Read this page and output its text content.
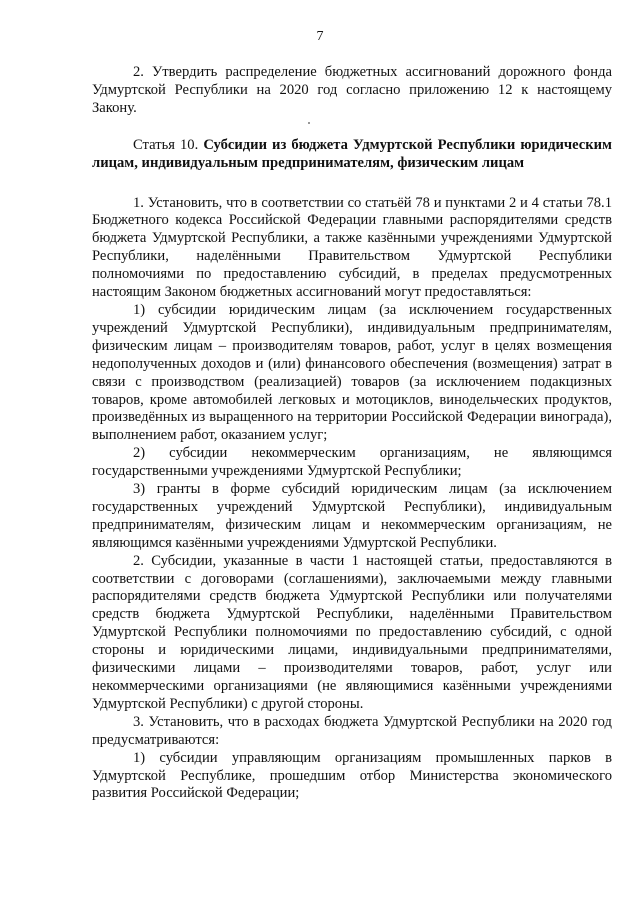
7

2. Утвердить распределение бюджетных ассигнований дорожного фонда Удмуртской Республики на 2020 год согласно приложению 12 к настоящему Закону.

Статья 10. Субсидии из бюджета Удмуртской Республики юридическим лицам, индивидуальным предпринимателям, физическим лицам

1. Установить, что в соответствии со статьёй 78 и пунктами 2 и 4 статьи 78.1 Бюджетного кодекса Российской Федерации главными распорядителями средств бюджета Удмуртской Республики, а также казёнными учреждениями Удмуртской Республики, наделёнными Правительством Удмуртской Республики полномочиями по предоставлению субсидий, в пределах предусмотренных настоящим Законом бюджетных ассигнований могут предоставляться:

1) субсидии юридическим лицам (за исключением государственных учреждений Удмуртской Республики), индивидуальным предпринимателям, физическим лицам – производителям товаров, работ, услуг в целях возмещения недополученных доходов и (или) финансового обеспечения (возмещения) затрат в связи с производством (реализацией) товаров (за исключением подакцизных товаров, кроме автомобилей легковых и мотоциклов, винодельческих продуктов, произведённых из выращенного на территории Российской Федерации винограда), выполнением работ, оказанием услуг;

2) субсидии некоммерческим организациям, не являющимся государственными учреждениями Удмуртской Республики;

3) гранты в форме субсидий юридическим лицам (за исключением государственных учреждений Удмуртской Республики), индивидуальным предпринимателям, физическим лицам и некоммерческим организациям, не являющимся казёнными учреждениями Удмуртской Республики.

2. Субсидии, указанные в части 1 настоящей статьи, предоставляются в соответствии с договорами (соглашениями), заключаемыми между главными распорядителями средств бюджета Удмуртской Республики или получателями средств бюджета Удмуртской Республики, наделёнными Правительством Удмуртской Республики полномочиями по предоставлению субсидий, с одной стороны и юридическими лицами, индивидуальными предпринимателями, физическими лицами – производителями товаров, работ, услуг или некоммерческими организациями (не являющимися казёнными учреждениями Удмуртской Республики) с другой стороны.

3. Установить, что в расходах бюджета Удмуртской Республики на 2020 год предусматриваются:

1) субсидии управляющим организациям промышленных парков в Удмуртской Республике, прошедшим отбор Министерства экономического развития Российской Федерации;
